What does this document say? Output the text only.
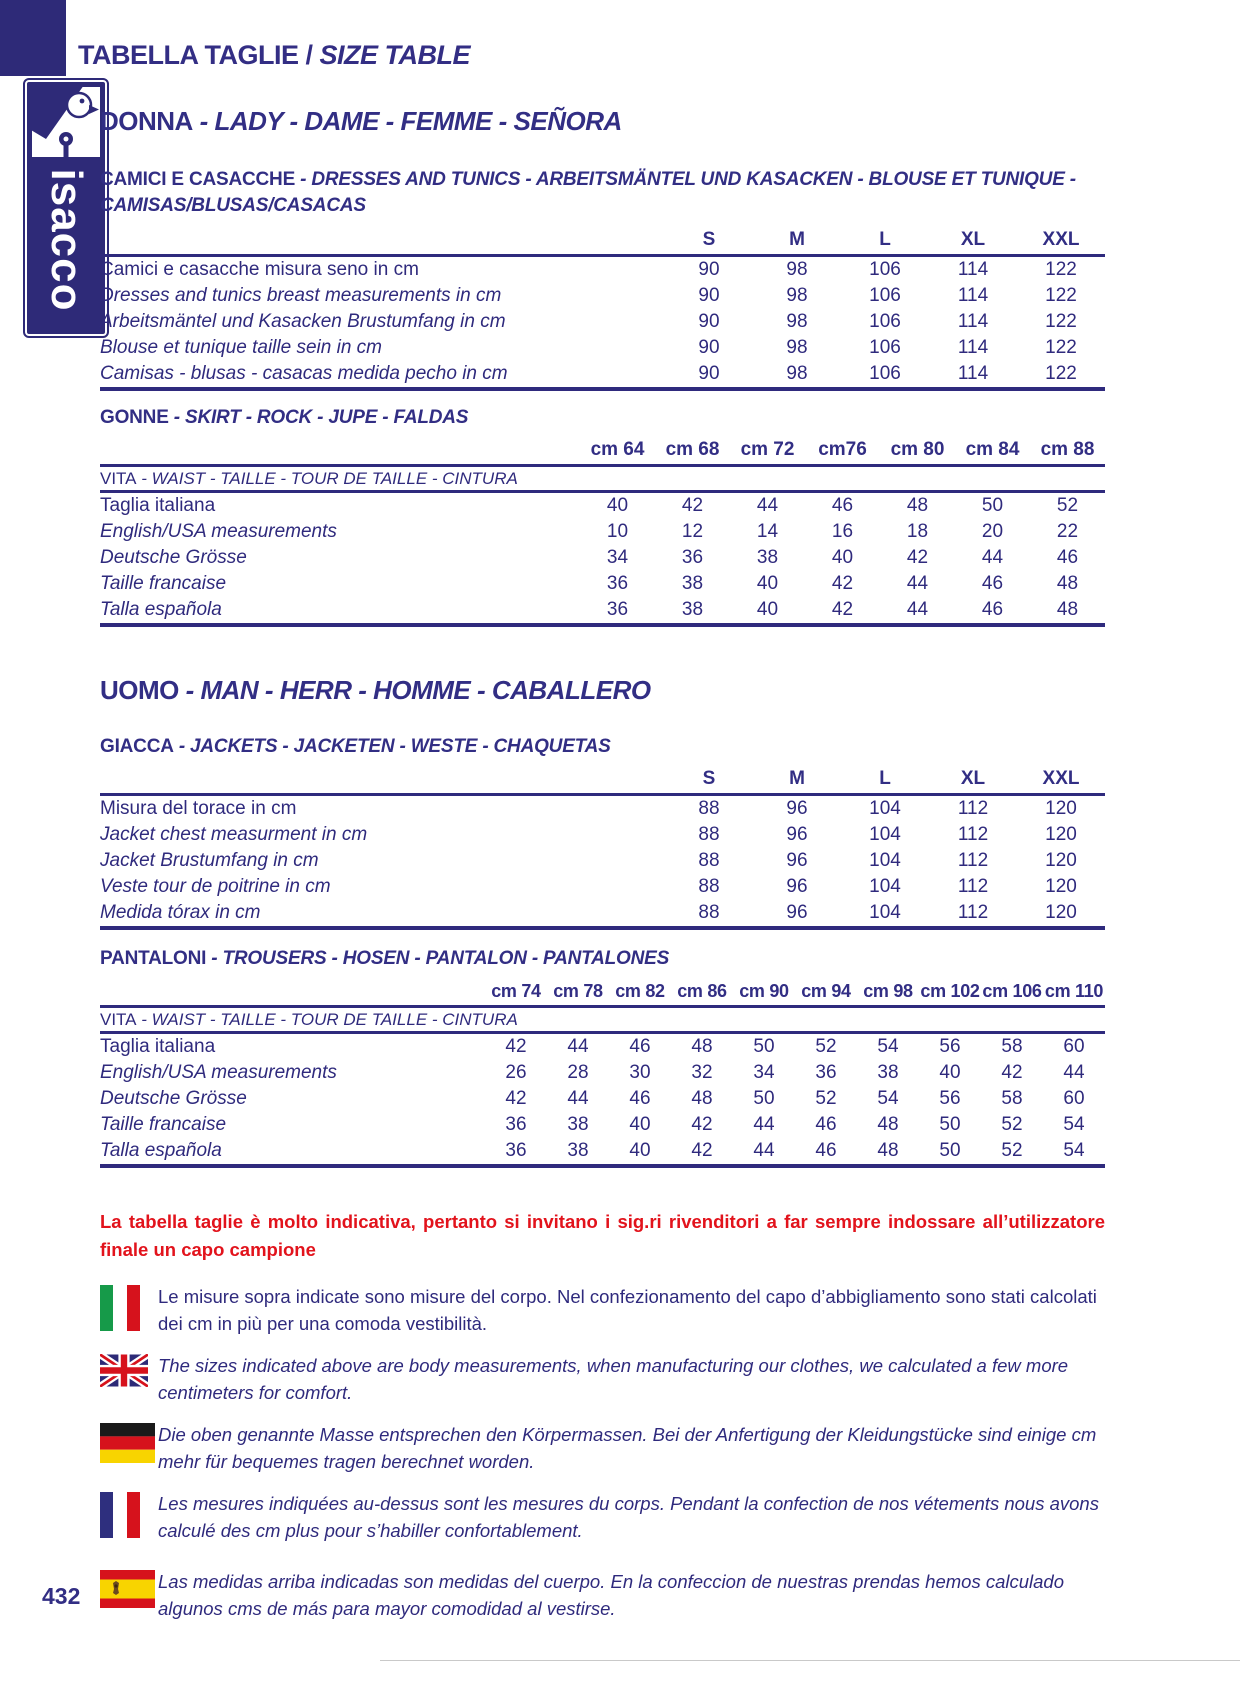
TABELLA TAGLIE / SIZE TABLE
isacco
DONNA - LADY - DAME - FEMME - SEÑORA
CAMICI E CASACCHE - DRESSES AND TUNICS - ARBEITSMÄNTEL UND KASACKEN - BLOUSE ET TUNIQUE - CAMISAS/BLUSAS/CASACAS
	S	M	L	XL	XXL
Camici e casacche misura seno in cm	90	98	106	114	122
Dresses and tunics breast measurements in cm	90	98	106	114	122
Arbeitsmäntel und Kasacken Brustumfang in cm	90	98	106	114	122
Blouse et tunique taille sein in cm	90	98	106	114	122
Camisas - blusas - casacas medida pecho in cm	90	98	106	114	122
GONNE - SKIRT - ROCK - JUPE - FALDAS
	cm 64	cm 68	cm 72	cm76	cm 80	cm 84	cm 88
VITA - WAIST - TAILLE - TOUR DE TAILLE - CINTURA							
Taglia italiana	40	42	44	46	48	50	52
English/USA measurements	10	12	14	16	18	20	22
Deutsche Grösse	34	36	38	40	42	44	46
Taille francaise	36	38	40	42	44	46	48
Talla española	36	38	40	42	44	46	48
UOMO - MAN - HERR - HOMME - CABALLERO
GIACCA - JACKETS - JACKETEN - WESTE - CHAQUETAS
	S	M	L	XL	XXL
Misura del torace in cm	88	96	104	112	120
Jacket chest measurment in cm	88	96	104	112	120
Jacket Brustumfang in cm	88	96	104	112	120
Veste tour de poitrine in cm	88	96	104	112	120
Medida tórax in cm	88	96	104	112	120
PANTALONI - TROUSERS - HOSEN - PANTALON - PANTALONES
	cm 74	cm 78	cm 82	cm 86	cm 90	cm 94	cm 98	cm 102	cm 106	cm 110
VITA - WAIST - TAILLE - TOUR DE TAILLE - CINTURA										
Taglia italiana	42	44	46	48	50	52	54	56	58	60
English/USA measurements	26	28	30	32	34	36	38	40	42	44
Deutsche Grösse	42	44	46	48	50	52	54	56	58	60
Taille francaise	36	38	40	42	44	46	48	50	52	54
Talla española	36	38	40	42	44	46	48	50	52	54

La tabella taglie è molto indicativa, pertanto si invitano i sig.ri rivenditori a far sempre indossare all’utilizzatore finale un capo campione

Le misure sopra indicate sono misure del corpo. Nel confezionamento del capo d’abbigliamento sono stati calcolati dei cm in più per una comoda vestibilità.

The sizes indicated above are body measurements, when manufacturing our clothes, we calculated a few more centimeters for comfort.

Die oben genannte Masse entsprechen den Körpermassen. Bei der Anfertigung der Kleidungstücke sind einige cm mehr für bequemes tragen berechnet worden.

Les mesures indiquées au-dessus sont les mesures du corps. Pendant la confection de nos vétements nous avons calculé des cm plus pour s’habiller confortablement.

Las medidas arriba indicadas son medidas del cuerpo. En la confeccion de nuestras prendas hemos calculado algunos cms de más para mayor comodidad al vestirse.

432
